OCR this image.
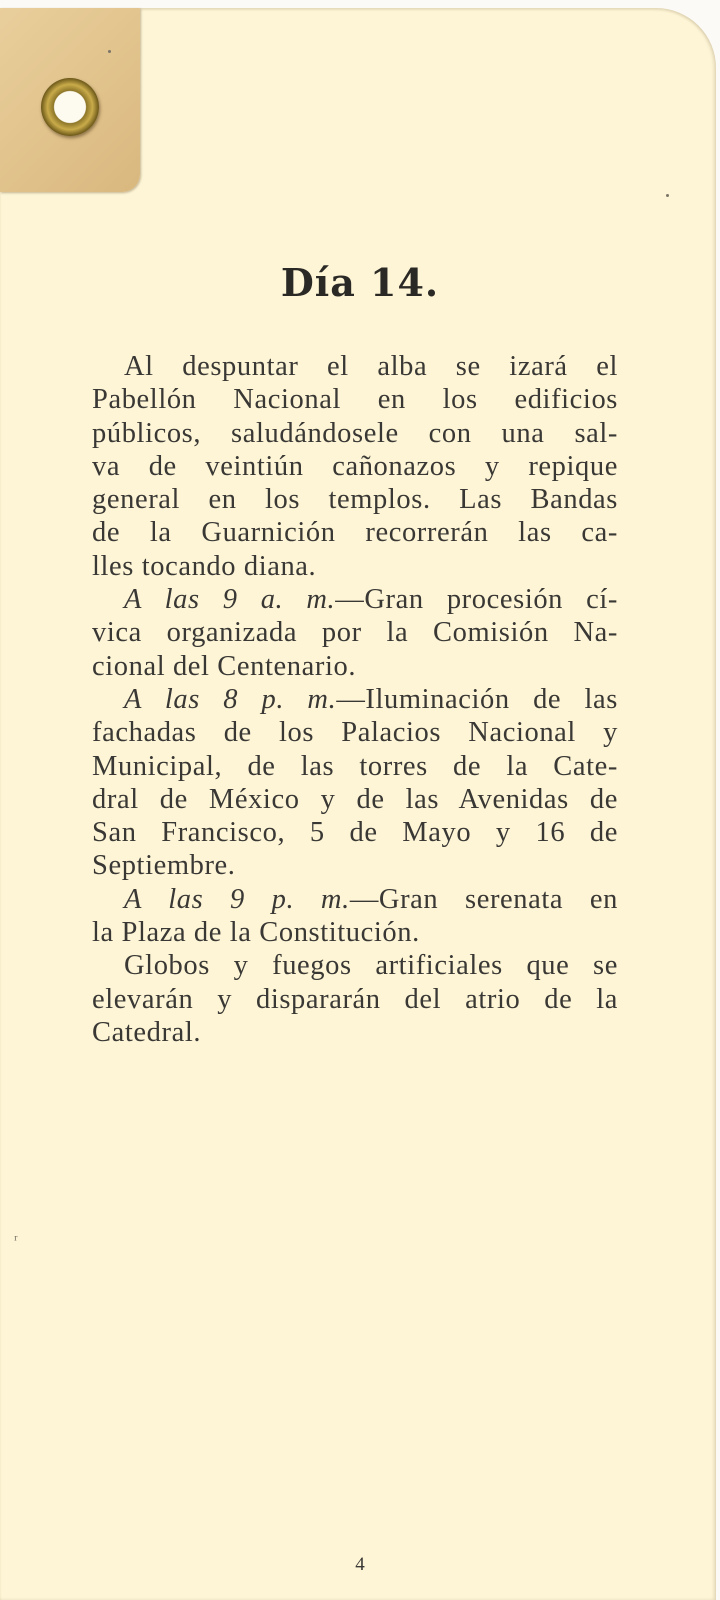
Día 14.
Al despuntar el alba se izará el
Pabellón Nacional en los edificios
públicos, saludándosele con una sal-
va de veintiún cañonazos y repique
general en los templos. Las Bandas
de la Guarnición recorrerán las ca-
lles tocando diana.
A las 9 a. m.—Gran procesión cí-
vica organizada por la Comisión Na-
cional del Centenario.
A las 8 p. m.—Iluminación de las
fachadas de los Palacios Nacional y
Municipal, de las torres de la Cate-
dral de México y de las Avenidas de
San Francisco, 5 de Mayo y 16 de
Septiembre.
A las 9 p. m.—Gran serenata en
la Plaza de la Constitución.
Globos y fuegos artificiales que se
elevarán y dispararán del atrio de la
Catedral.
ʳ
4
